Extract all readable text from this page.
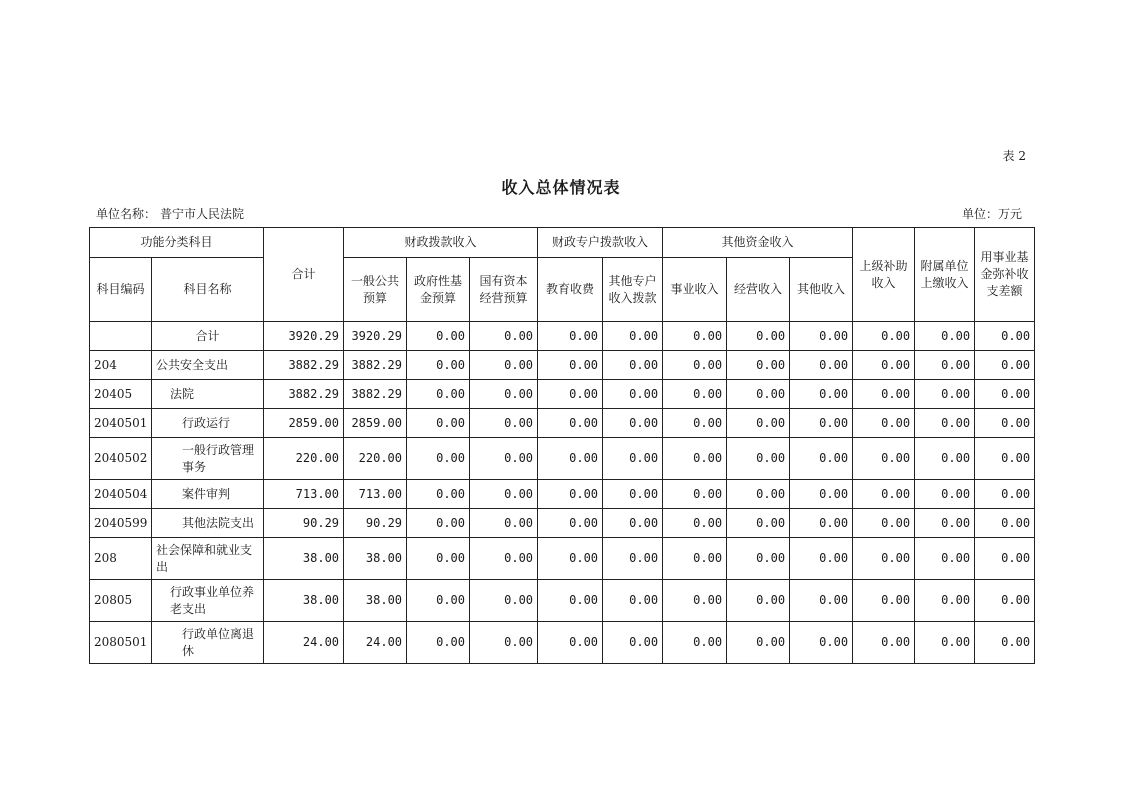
表 2
收入总体情况表
单位名称： 普宁市人民法院	单位：万元
功能分类科目		合计	财政拨款收入			财政专户拨款收入		其他资金收入			上级补助收入	附属单位上缴收入	用事业基金弥补收支差额
科目编码	科目名称		一般公共预算	政府性基金预算	国有资本经营预算	教育收费	其他专户收入拨款	事业收入	经营收入	其他收入			
	合计	3920.29	3920.29	0.00	0.00	0.00	0.00	0.00	0.00	0.00	0.00	0.00	0.00
204	公共安全支出	3882.29	3882.29	0.00	0.00	0.00	0.00	0.00	0.00	0.00	0.00	0.00	0.00
20405	法院	3882.29	3882.29	0.00	0.00	0.00	0.00	0.00	0.00	0.00	0.00	0.00	0.00
2040501	行政运行	2859.00	2859.00	0.00	0.00	0.00	0.00	0.00	0.00	0.00	0.00	0.00	0.00
2040502	一般行政管理事务	220.00	220.00	0.00	0.00	0.00	0.00	0.00	0.00	0.00	0.00	0.00	0.00
2040504	案件审判	713.00	713.00	0.00	0.00	0.00	0.00	0.00	0.00	0.00	0.00	0.00	0.00
2040599	其他法院支出	90.29	90.29	0.00	0.00	0.00	0.00	0.00	0.00	0.00	0.00	0.00	0.00
208	社会保障和就业支出	38.00	38.00	0.00	0.00	0.00	0.00	0.00	0.00	0.00	0.00	0.00	0.00
20805	行政事业单位养老支出	38.00	38.00	0.00	0.00	0.00	0.00	0.00	0.00	0.00	0.00	0.00	0.00
2080501	行政单位离退休	24.00	24.00	0.00	0.00	0.00	0.00	0.00	0.00	0.00	0.00	0.00	0.00
